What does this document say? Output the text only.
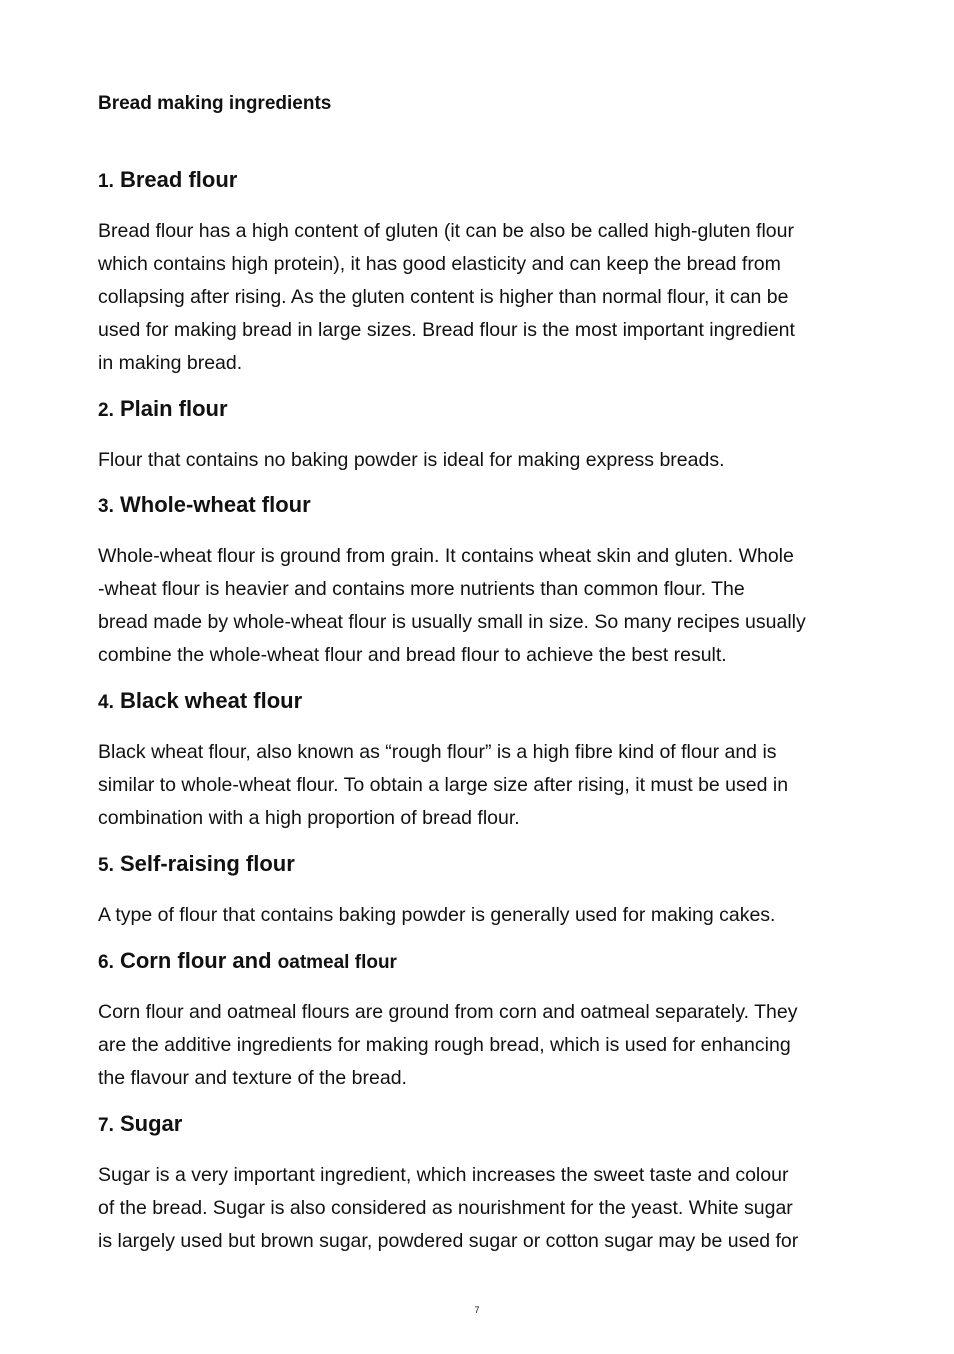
Bread making ingredients
1. Bread flour

Bread flour has a high content of gluten (it can be also be called high-gluten flour
which contains high protein), it has good elasticity and can keep the bread from
collapsing after rising. As the gluten content is higher than normal flour, it can be
used for making bread in large sizes. Bread flour is the most important ingredient
in making bread.

2. Plain flour

Flour that contains no baking powder is ideal for making express breads.

3. Whole-wheat flour

Whole-wheat flour is ground from grain. It contains wheat skin and gluten. Whole
-wheat flour is heavier and contains more nutrients than common flour. The
bread made by whole-wheat flour is usually small in size. So many recipes usually
combine the whole-wheat flour and bread flour to achieve the best result.

4. Black wheat flour

Black wheat flour, also known as “rough flour” is a high fibre kind of flour and is
similar to whole-wheat flour. To obtain a large size after rising, it must be used in
combination with a high proportion of bread flour.

5. Self-raising flour

A type of flour that contains baking powder is generally used for making cakes.

6. Corn flour and oatmeal flour

Corn flour and oatmeal flours are ground from corn and oatmeal separately. They
are the additive ingredients for making rough bread, which is used for enhancing
the flavour and texture of the bread.

7. Sugar

Sugar is a very important ingredient, which increases the sweet taste and colour
of the bread. Sugar is also considered as nourishment for the yeast. White sugar
is largely used but brown sugar, powdered sugar or cotton sugar may be used for

7
